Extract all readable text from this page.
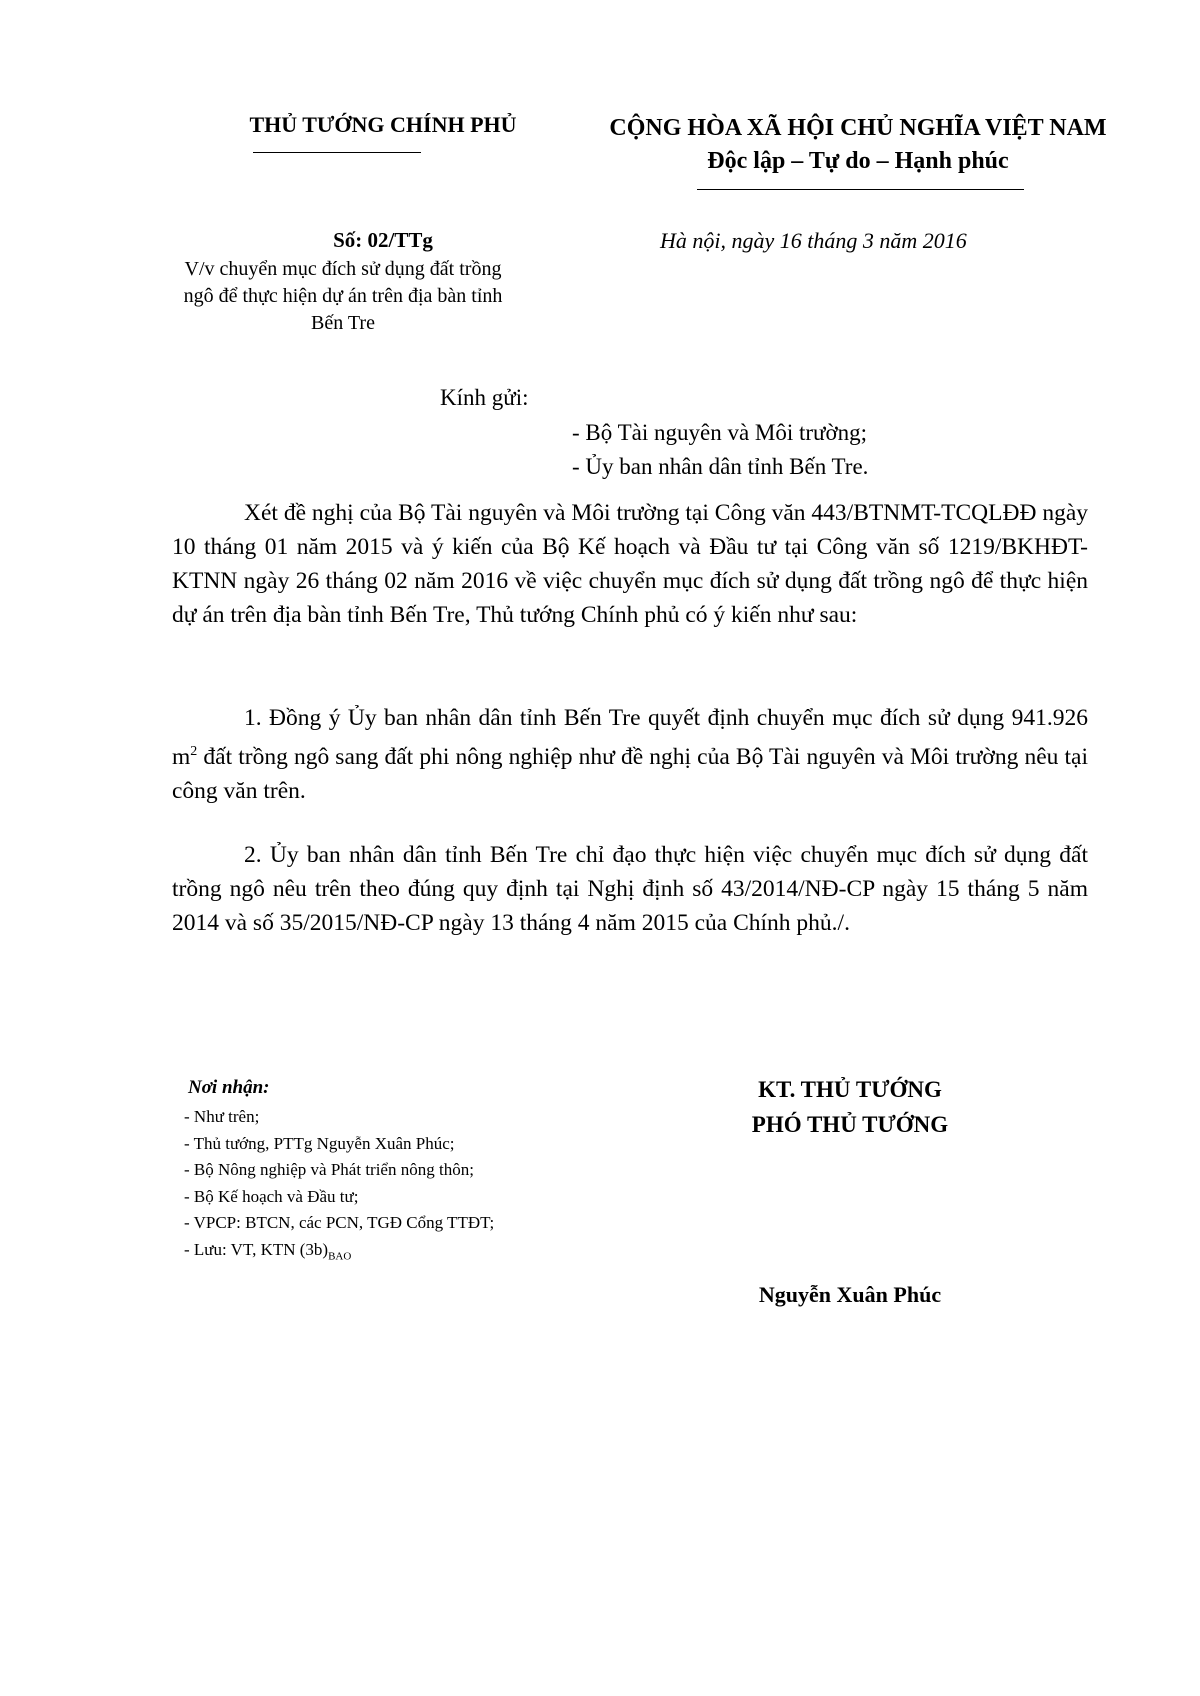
THỦ TƯỚNG CHÍNH PHỦ	CỘNG HÒA XÃ HỘI CHỦ NGHĨA VIỆT NAM
Độc lập – Tự do – Hạnh phúc
Số: 02/TTg
V/v chuyển mục đích sử dụng đất trồng
ngô để thực hiện dự án trên địa bàn tỉnh
Bến Tre
Hà nội, ngày 16 tháng 3 năm 2016
Kính gửi:
- Bộ Tài nguyên và Môi trường;
- Ủy ban nhân dân tỉnh Bến Tre.

Xét đề nghị của Bộ Tài nguyên và Môi trường tại Công văn 443/BTNMT-TCQLĐĐ ngày 10 tháng 01 năm 2015 và ý kiến của Bộ Kế hoạch và Đầu tư tại Công văn số 1219/BKHĐT-KTNN ngày 26 tháng 02 năm 2016 về việc chuyển mục đích sử dụng đất trồng ngô để thực hiện dự án trên địa bàn tỉnh Bến Tre, Thủ tướng Chính phủ có ý kiến như sau:

1. Đồng ý Ủy ban nhân dân tỉnh Bến Tre quyết định chuyển mục đích sử dụng 941.926 $m^2$ đất trồng ngô sang đất phi nông nghiệp như đề nghị của Bộ Tài nguyên và Môi trường nêu tại công văn trên.

2. Ủy ban nhân dân tỉnh Bến Tre chỉ đạo thực hiện việc chuyển mục đích sử dụng đất trồng ngô nêu trên theo đúng quy định tại Nghị định số 43/2014/NĐ-CP ngày 15 tháng 5 năm 2014 và số 35/2015/NĐ-CP ngày 13 tháng 4 năm 2015 của Chính phủ./.

Nơi nhận:
- Như trên;
- Thủ tướng, PTTg Nguyễn Xuân Phúc;
- Bộ Nông nghiệp và Phát triển nông thôn;
- Bộ Kế hoạch và Đầu tư;
- VPCP: BTCN, các PCN, TGĐ Cổng TTĐT;
- Lưu: VT, KTN $(3b)_{BAO}$
KT. THỦ TƯỚNG
PHÓ THỦ TƯỚNG
Nguyễn Xuân Phúc
